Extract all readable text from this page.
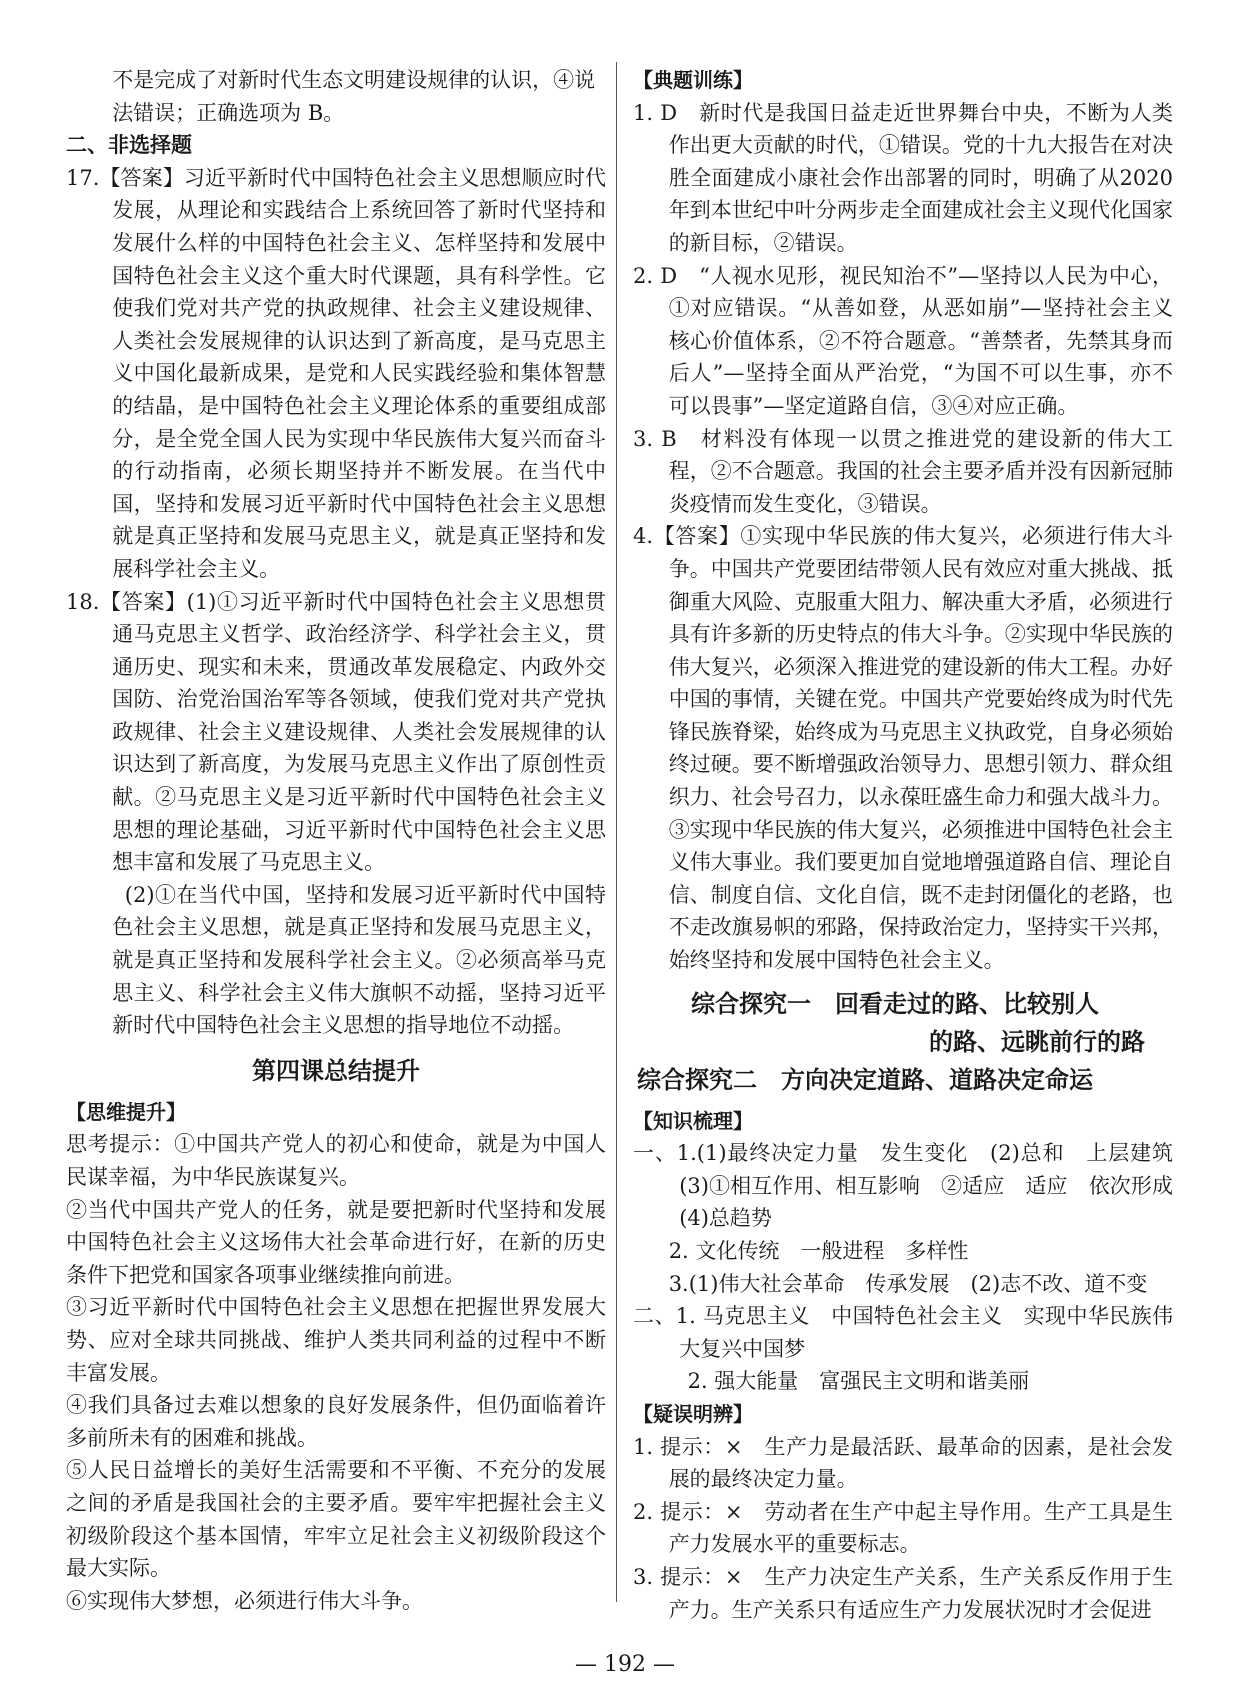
不是完成了对新时代生态文明建设规律的认识，④说

法错误；正确选项为 B。

二、非选择题

17.【答案】习近平新时代中国特色社会主义思想顺应时代发展，从理论和实践结合上系统回答了新时代坚持和发展什么样的中国特色社会主义、怎样坚持和发展中国特色社会主义这个重大时代课题，具有科学性。它使我们党对共产党的执政规律、社会主义建设规律、人类社会发展规律的认识达到了新高度，是马克思主义中国化最新成果，是党和人民实践经验和集体智慧的结晶，是中国特色社会主义理论体系的重要组成部分，是全党全国人民为实现中华民族伟大复兴而奋斗的行动指南，必须长期坚持并不断发展。在当代中国，坚持和发展习近平新时代中国特色社会主义思想就是真正坚持和发展马克思主义，就是真正坚持和发展科学社会主义。

18.【答案】(1)①习近平新时代中国特色社会主义思想贯通马克思主义哲学、政治经济学、科学社会主义，贯通历史、现实和未来，贯通改革发展稳定、内政外交国防、治党治国治军等各领域，使我们党对共产党执政规律、社会主义建设规律、人类社会发展规律的认识达到了新高度，为发展马克思主义作出了原创性贡献。②马克思主义是习近平新时代中国特色社会主义思想的理论基础，习近平新时代中国特色社会主义思想丰富和发展了马克思主义。

(2)①在当代中国，坚持和发展习近平新时代中国特色社会主义思想，就是真正坚持和发展马克思主义，就是真正坚持和发展科学社会主义。②必须高举马克思主义、科学社会主义伟大旗帜不动摇，坚持习近平新时代中国特色社会主义思想的指导地位不动摇。

第四课总结提升

【思维提升】

思考提示：①中国共产党人的初心和使命，就是为中国人民谋幸福，为中华民族谋复兴。

②当代中国共产党人的任务，就是要把新时代坚持和发展中国特色社会主义这场伟大社会革命进行好，在新的历史条件下把党和国家各项事业继续推向前进。

③习近平新时代中国特色社会主义思想在把握世界发展大势、应对全球共同挑战、维护人类共同利益的过程中不断丰富发展。

④我们具备过去难以想象的良好发展条件，但仍面临着许多前所未有的困难和挑战。

⑤人民日益增长的美好生活需要和不平衡、不充分的发展之间的矛盾是我国社会的主要矛盾。要牢牢把握社会主义初级阶段这个基本国情，牢牢立足社会主义初级阶段这个最大实际。

⑥实现伟大梦想，必须进行伟大斗争。

【典题训练】

1. D　新时代是我国日益走近世界舞台中央，不断为人类作出更大贡献的时代，①错误。党的十九大报告在对决胜全面建成小康社会作出部署的同时，明确了从2020年到本世纪中叶分两步走全面建成社会主义现代化国家的新目标，②错误。

2. D　“人视水见形，视民知治不”—坚持以人民为中心，①对应错误。“从善如登，从恶如崩”—坚持社会主义核心价值体系，②不符合题意。“善禁者，先禁其身而后人”—坚持全面从严治党，“为国不可以生事，亦不可以畏事”—坚定道路自信，③④对应正确。

3. B　材料没有体现一以贯之推进党的建设新的伟大工程，②不合题意。我国的社会主要矛盾并没有因新冠肺炎疫情而发生变化，③错误。

4.【答案】①实现中华民族的伟大复兴，必须进行伟大斗争。中国共产党要团结带领人民有效应对重大挑战、抵御重大风险、克服重大阻力、解决重大矛盾，必须进行具有许多新的历史特点的伟大斗争。②实现中华民族的伟大复兴，必须深入推进党的建设新的伟大工程。办好中国的事情，关键在党。中国共产党要始终成为时代先锋民族脊梁，始终成为马克思主义执政党，自身必须始终过硬。要不断增强政治领导力、思想引领力、群众组织力、社会号召力，以永葆旺盛生命力和强大战斗力。③实现中华民族的伟大复兴，必须推进中国特色社会主义伟大事业。我们要更加自觉地增强道路自信、理论自信、制度自信、文化自信，既不走封闭僵化的老路，也不走改旗易帜的邪路，保持政治定力，坚持实干兴邦，始终坚持和发展中国特色社会主义。

综合探究一　回看走过的路、比较别人
的路、远眺前行的路
综合探究二　方向决定道路、道路决定命运

【知识梳理】

一、1.(1)最终决定力量　发生变化　(2)总和　上层建筑　(3)①相互作用、相互影响　②适应　适应　依次形成　(4)总趋势

2. 文化传统　一般进程　多样性

3.(1)伟大社会革命　传承发展　(2)志不改、道不变

二、1. 马克思主义　中国特色社会主义　实现中华民族伟大复兴中国梦

2. 强大能量　富强民主文明和谐美丽

【疑误明辨】

1. 提示：×　生产力是最活跃、最革命的因素，是社会发展的最终决定力量。

2. 提示：×　劳动者在生产中起主导作用。生产工具是生产力发展水平的重要标志。

3. 提示：×　生产力决定生产关系，生产关系反作用于生产力。生产关系只有适应生产力发展状况时才会促进

— 192 —
